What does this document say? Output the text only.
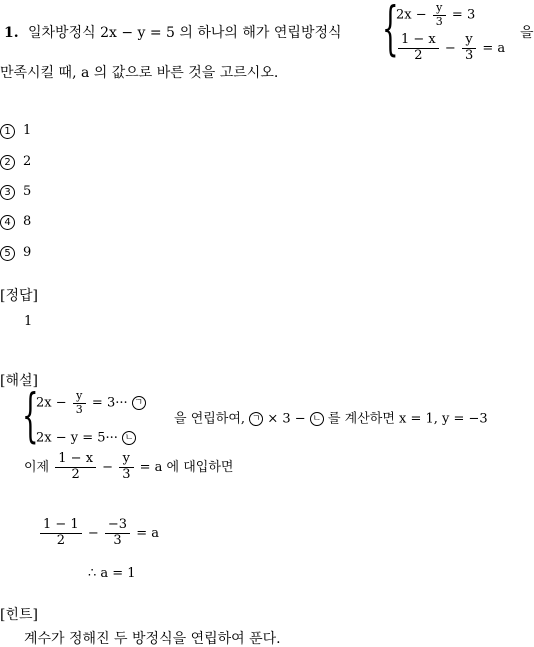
1. 일차방정식 2x − y = 5 의 하나의 해가 연립방정식 {
$2x - \frac{y}{3} = 3$
$\frac{1 - x}{2} - \frac{y}{3} = a$
을
만족시킬 때, a 의 값으로 바른 것을 고르시오.
1 1
2 2
3 5
4 8
5 9
[정답]
1
[해설]
{
$2x - \frac{y}{3} = 3\cdot\cdot\cdot$ ㄱ
2x − y = 5··· ㄴ
을 연립하여, ㄱ × 3 − ㄴ 를 계산하면 x = 1, y = −3
이제 $\frac{1 - x}{2} - \frac{y}{3} = a$ 에 대입하면
$\frac{1 - 1}{2} - \frac{-3}{3} = a$
∴ a = 1
[힌트]
계수가 정해진 두 방정식을 연립하여 푼다.
